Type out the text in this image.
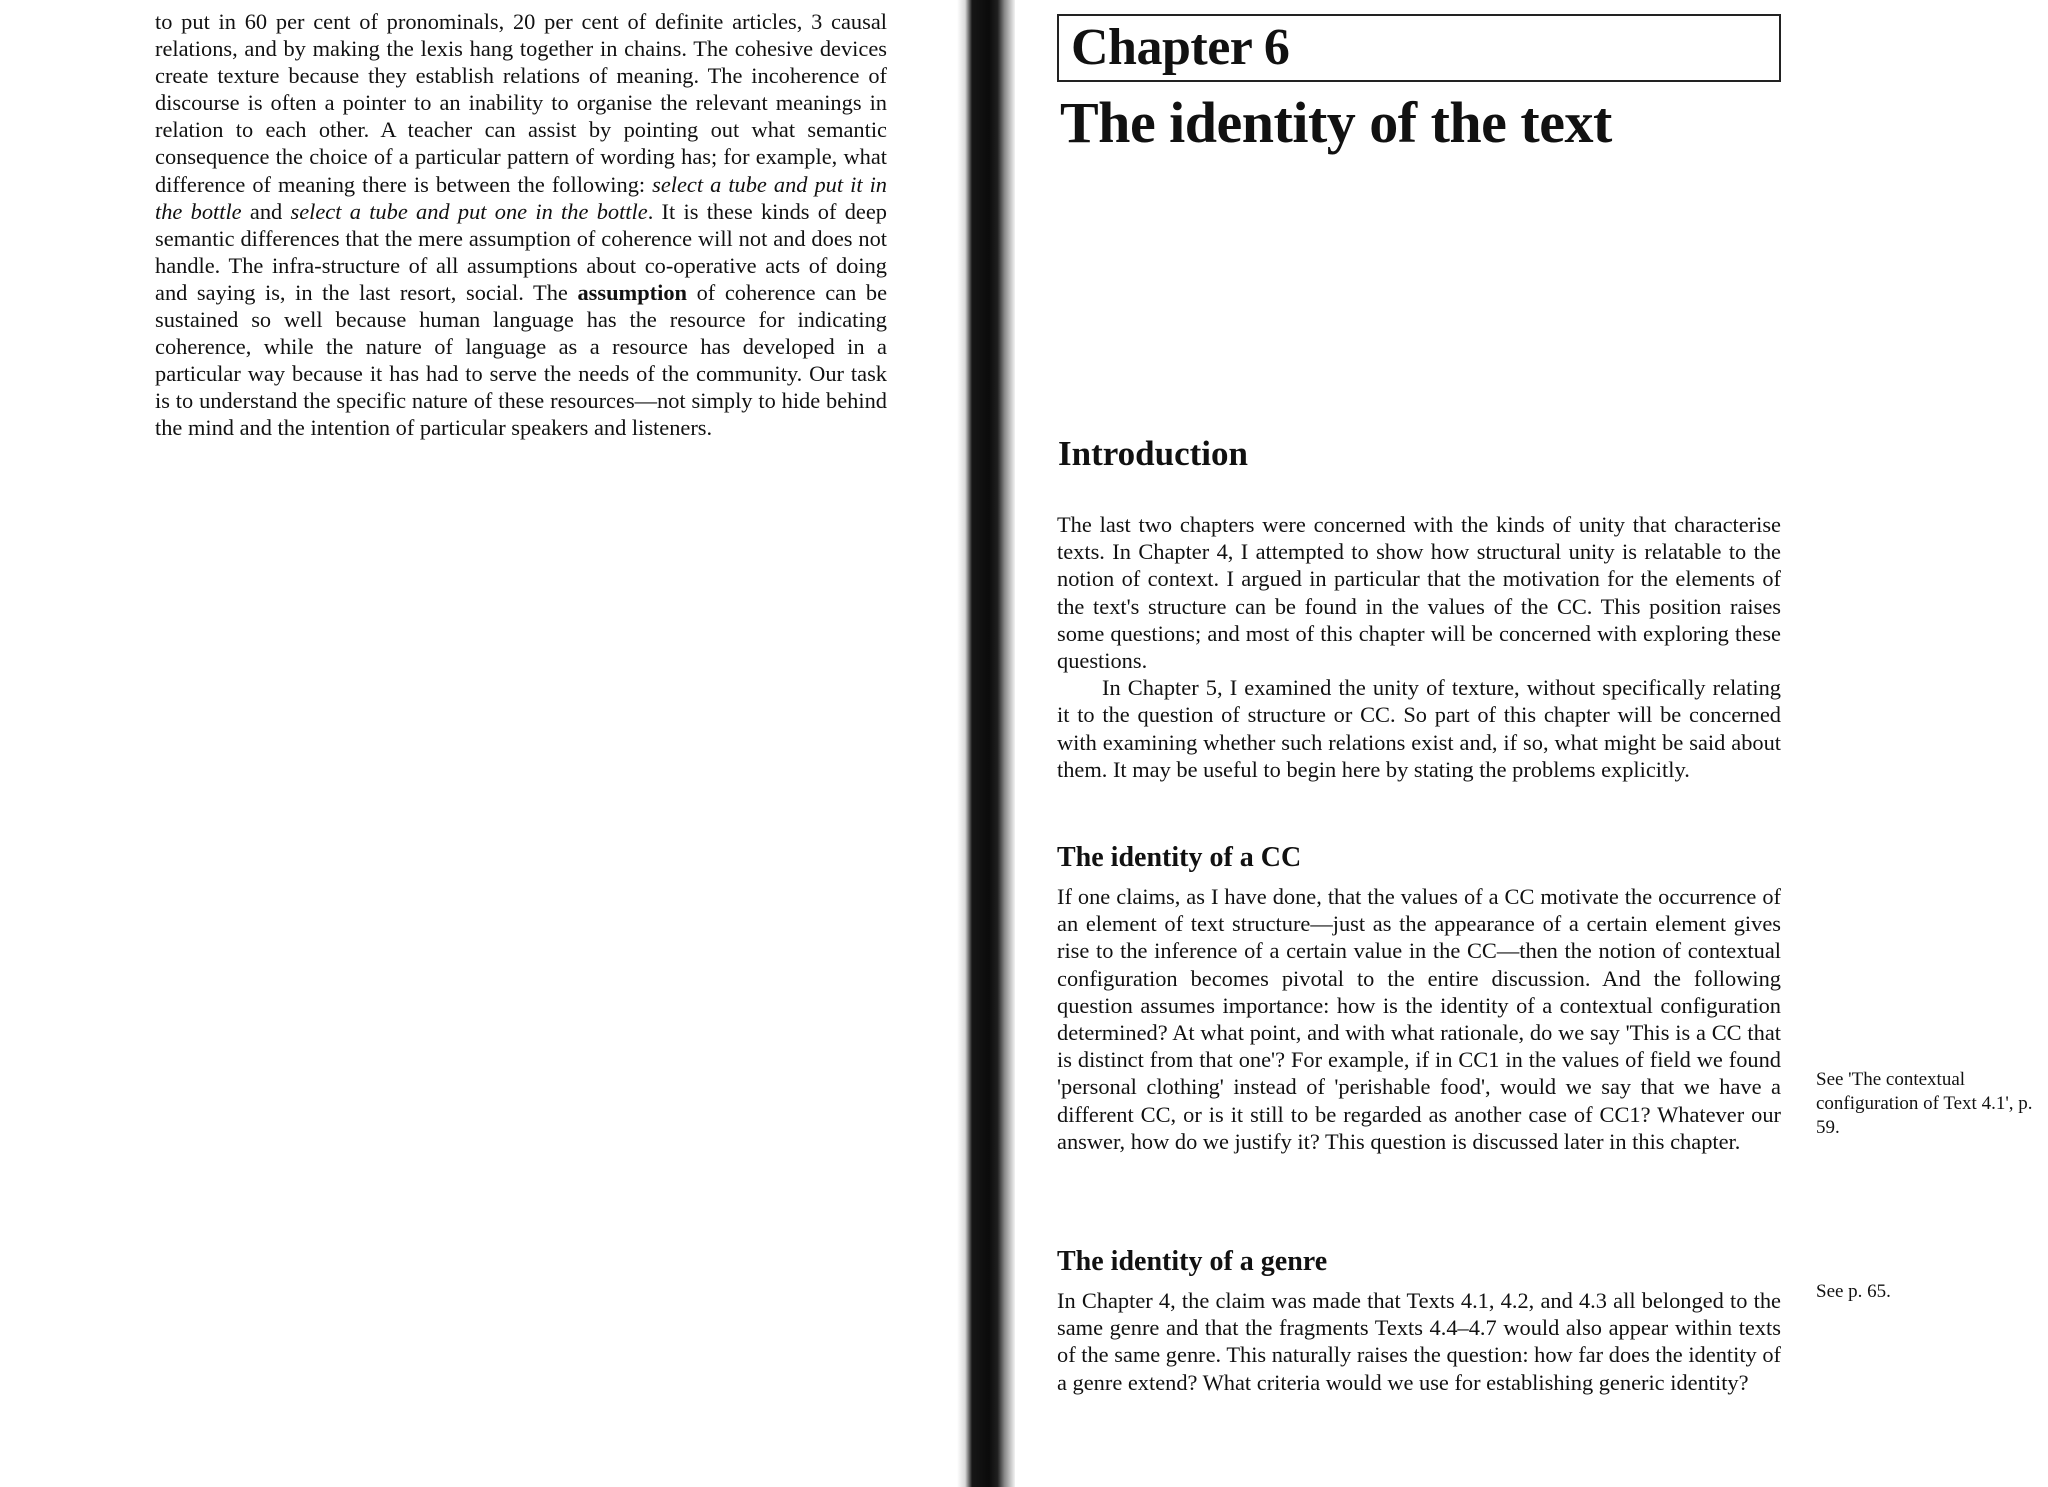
to put in 60 per cent of pronominals, 20 per cent of definite articles, 3 causal relations, and by making the lexis hang together in chains. The cohesive devices create texture because they establish relations of meaning. The incoherence of discourse is often a pointer to an inability to organise the relevant meanings in relation to each other. A teacher can assist by pointing out what semantic consequence the choice of a particular pattern of wording has; for example, what difference of meaning there is between the following: select a tube and put it in the bottle and select a tube and put one in the bottle. It is these kinds of deep semantic differences that the mere assumption of coherence will not and does not handle. The infra-structure of all assumptions about co-operative acts of doing and saying is, in the last resort, social. The assumption of coherence can be sustained so well because human language has the resource for indicating coherence, while the nature of language as a resource has developed in a particular way because it has had to serve the needs of the community. Our task is to understand the specific nature of these resources—not simply to hide behind the mind and the intention of particular speakers and listeners.

Chapter 6
The identity of the text
Introduction

The last two chapters were concerned with the kinds of unity that characterise texts. In Chapter 4, I attempted to show how structural unity is relatable to the notion of context. I argued in particular that the motivation for the elements of the text's structure can be found in the values of the CC. This position raises some questions; and most of this chapter will be concerned with exploring these questions.

In Chapter 5, I examined the unity of texture, without specifically relating it to the question of structure or CC. So part of this chapter will be concerned with examining whether such relations exist and, if so, what might be said about them. It may be useful to begin here by stating the problems explicitly.

The identity of a CC

If one claims, as I have done, that the values of a CC motivate the occurrence of an element of text structure—just as the appearance of a certain element gives rise to the inference of a certain value in the CC—then the notion of contextual configuration becomes pivotal to the entire discussion. And the following question assumes importance: how is the identity of a contextual configuration determined? At what point, and with what rationale, do we say 'This is a CC that is distinct from that one'? For example, if in CC1 in the values of field we found 'personal clothing' instead of 'perishable food', would we say that we have a different CC, or is it still to be regarded as another case of CC1? Whatever our answer, how do we justify it? This question is discussed later in this chapter.

The identity of a genre

In Chapter 4, the claim was made that Texts 4.1, 4.2, and 4.3 all belonged to the same genre and that the fragments Texts 4.4–4.7 would also appear within texts of the same genre. This naturally raises the question: how far does the identity of a genre extend? What criteria would we use for establishing generic identity?

See 'The contextual configuration of Text 4.1', p. 59.
See p. 65.
